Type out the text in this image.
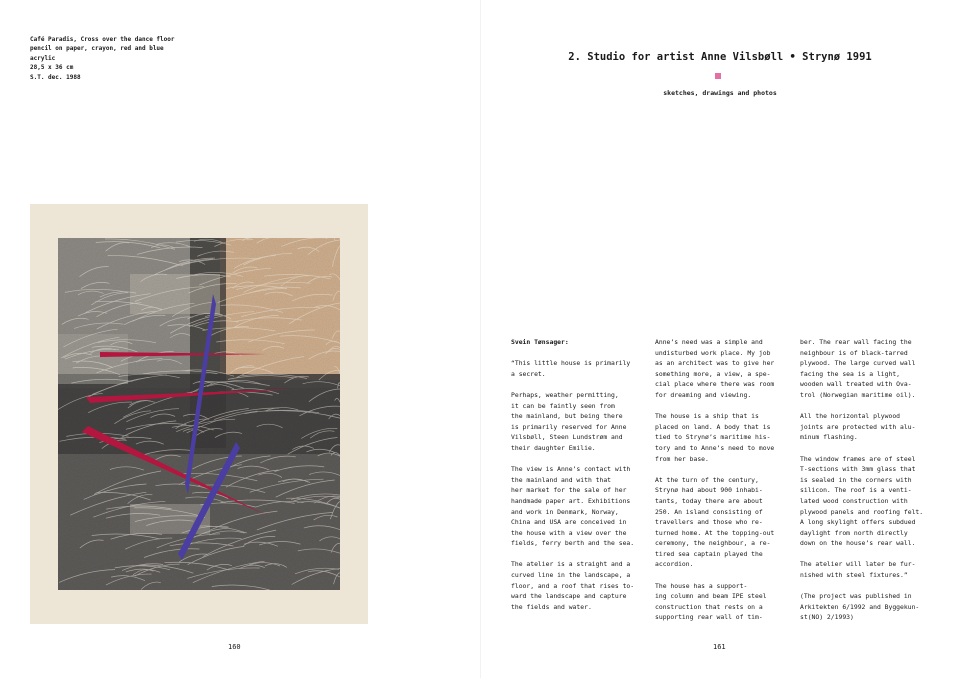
Café Paradis, Cross over the dance floor
pencil on paper, crayon, red and blue
acrylic
28,5 x 36 cm
S.T. dec. 1988
160
2. Studio for artist Anne Vilsbøll • Strynø 1991
sketches, drawings and photos

Svein Tønsager:

“This little house is primarily
a secret.

Perhaps, weather permitting,
it can be faintly seen from
the mainland, but being there
is primarily reserved for Anne
Vilsbøll, Steen Lundstrøm and
their daughter Emilie.

The view is Anne’s contact with
the mainland and with that
her market for the sale of her
handmade paper art. Exhibitions
and work in Denmark, Norway,
China and USA are conceived in
the house with a view over the
fields, ferry berth and the sea.

The atelier is a straight and a
curved line in the landscape, a
floor, and a roof that rises to-
ward the landscape and capture
the fields and water.

Anne’s need was a simple and
undisturbed work place. My job
as an architect was to give her
something more, a view, a spe-
cial place where there was room
for dreaming and viewing.

The house is a ship that is
placed on land. A body that is
tied to Strynø’s maritime his-
tory and to Anne’s need to move
from her base.

At the turn of the century,
Strynø had about 900 inhabi-
tants, today there are about
250. An island consisting of
travellers and those who re-
turned home. At the topping-out
ceremony, the neighbour, a re-
tired sea captain played the
accordion.

The house has a support-
ing column and beam IPE steel
construction that rests on a
supporting rear wall of tim-

ber. The rear wall facing the
neighbour is of black-tarred
plywood. The large curved wall
facing the sea is a light,
wooden wall treated with Ova-
trol (Norwegian maritime oil).

All the horizontal plywood
joints are protected with alu-
minum flashing.

The window frames are of steel
T-sections with 3mm glass that
is sealed in the corners with
silicon. The roof is a venti-
lated wood construction with
plywood panels and roofing felt.
A long skylight offers subdued
daylight from north directly
down on the house’s rear wall.

The atelier will later be fur-
nished with steel fixtures.”

(The project was published in
Arkitekten 6/1992 and Byggekun-
st(NO) 2/1993)

161
